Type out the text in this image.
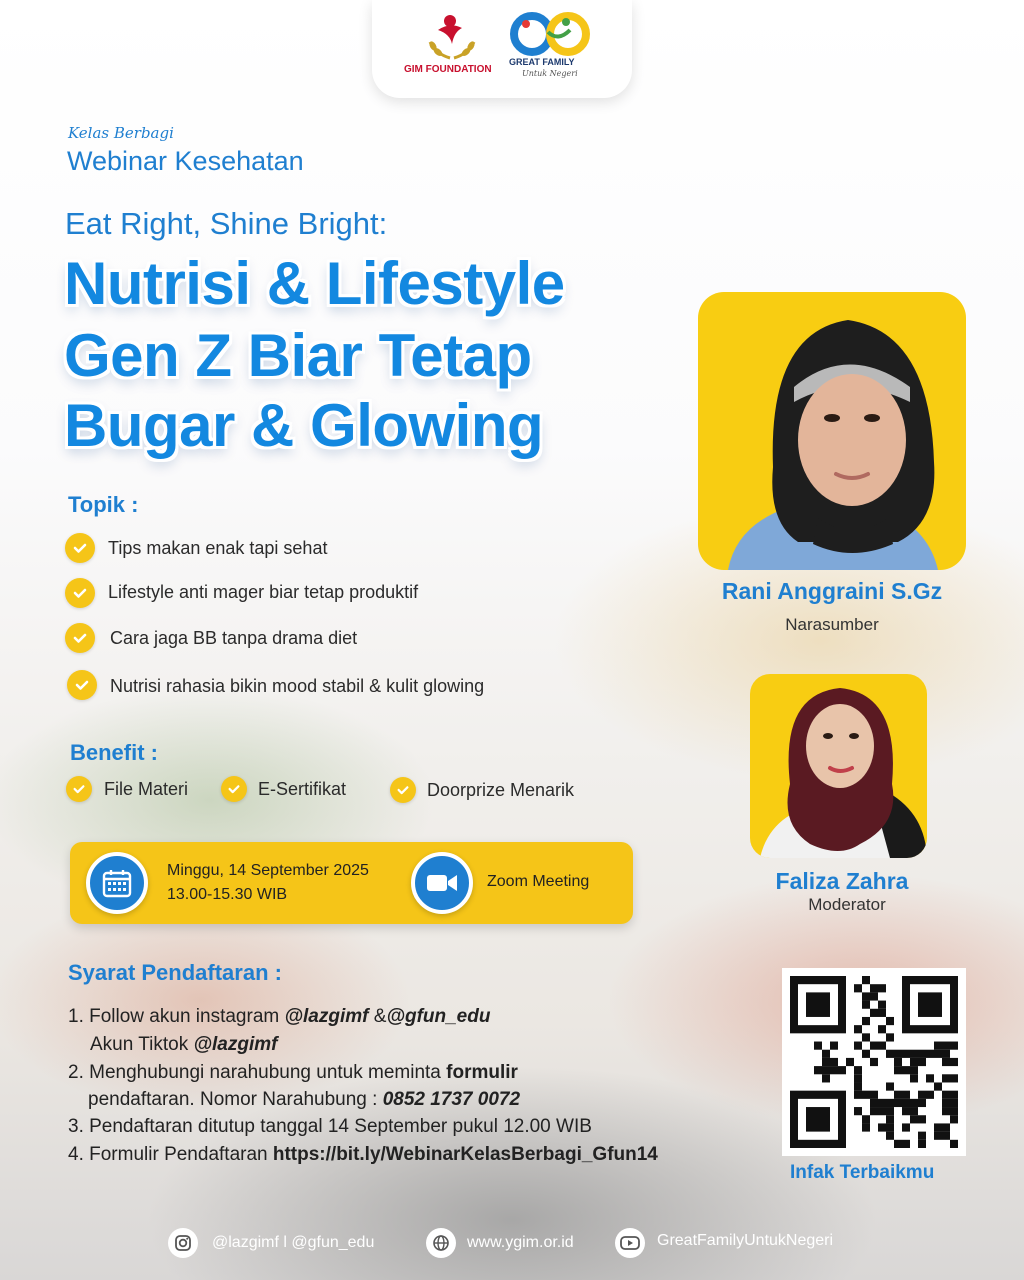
GIM FOUNDATION
GREAT FAMILY
Untuk Negeri
Kelas Berbagi
Webinar Kesehatan
Eat Right, Shine Bright:
Nutrisi & Lifestyle
Gen Z Biar Tetap
Bugar & Glowing
Topik :
Tips makan enak tapi sehat
Lifestyle anti mager biar tetap produktif
Cara jaga BB tanpa drama diet
Nutrisi rahasia bikin mood stabil & kulit glowing
Benefit :
File Materi	E-Sertifikat	Doorprize Menarik
Minggu, 14 September 2025
13.00-15.30 WIB
Zoom Meeting
Syarat Pendaftaran :
1. Follow akun instagram @lazgimf &@gfun_edu
Akun Tiktok @lazgimf
2. Menghubungi narahubung untuk meminta formulir
pendaftaran. Nomor Narahubung : 0852 1737 0072
3. Pendaftaran ditutup tanggal 14 September pukul 12.00 WIB
4. Formulir Pendaftaran https://bit.ly/WebinarKelasBerbagi_Gfun14
Rani Anggraini S.Gz
Narasumber
Faliza Zahra
Moderator
Infak Terbaikmu
@lazgimf l @gfun_edu	www.ygim.or.id	GreatFamilyUntukNegeri
